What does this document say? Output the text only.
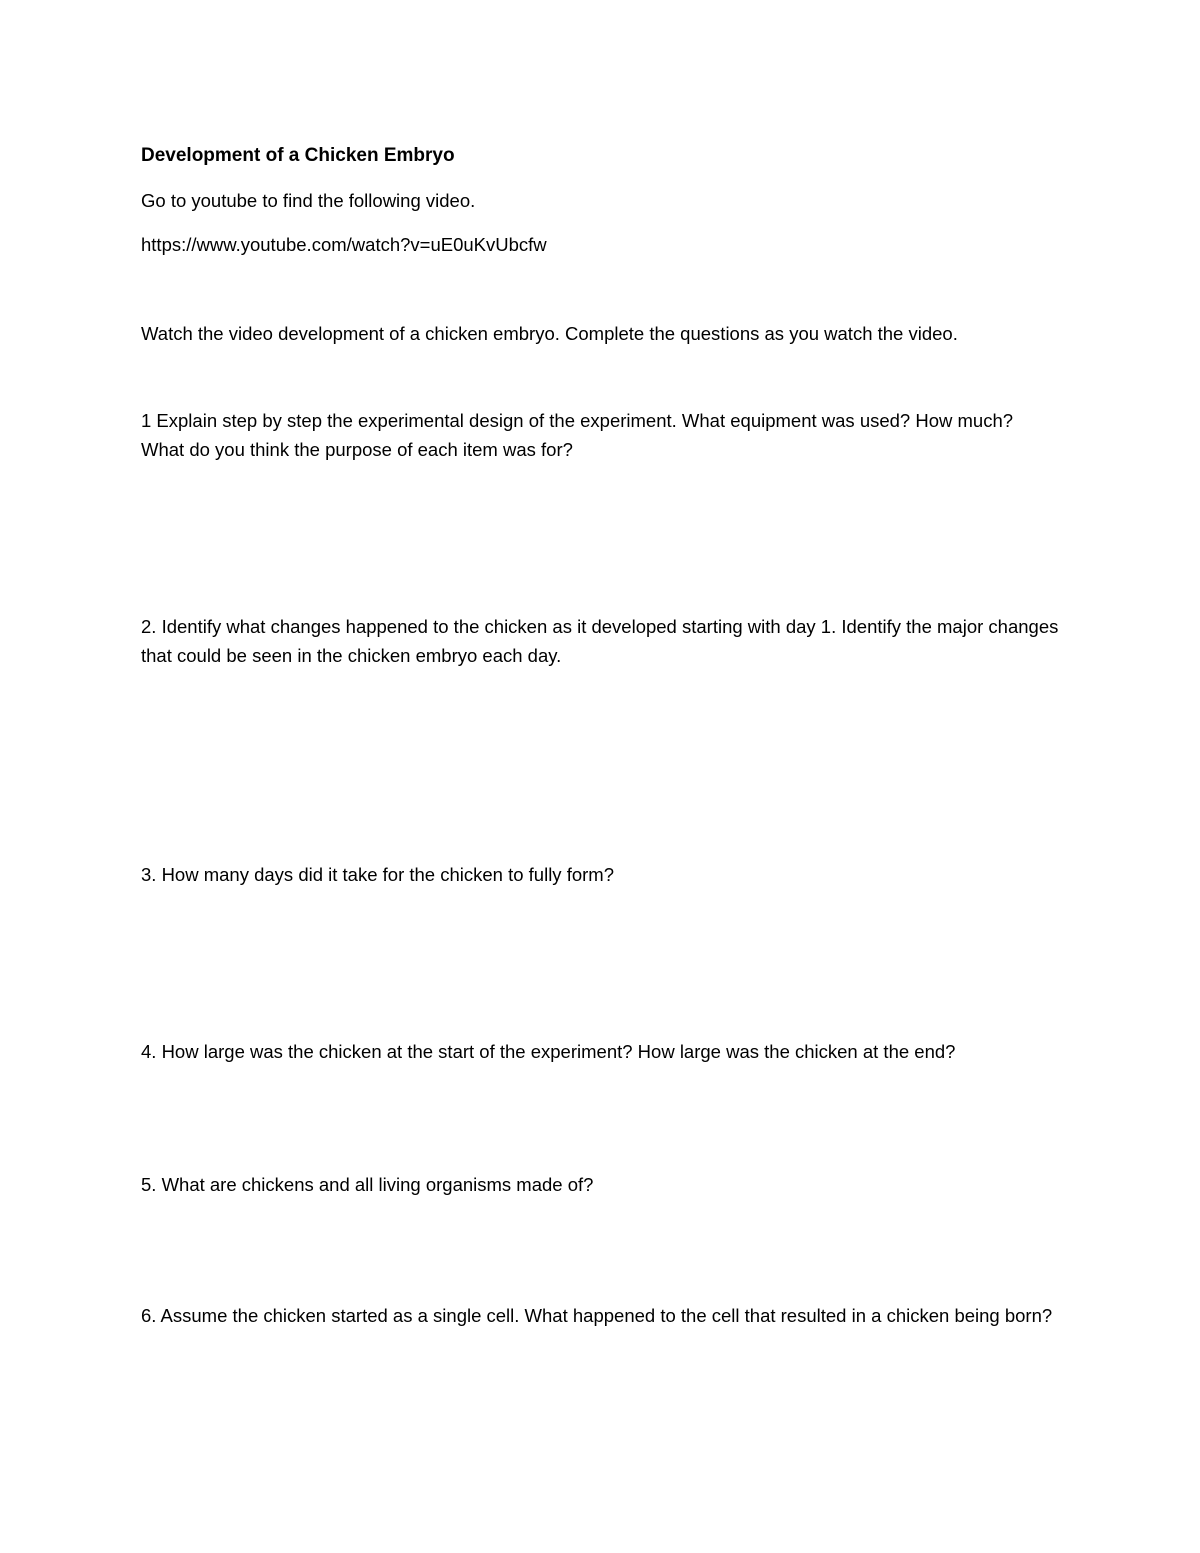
Development of a Chicken Embryo

Go to youtube to find the following video.

https://www.youtube.com/watch?v=uE0uKvUbcfw

Watch the video development of a chicken embryo. Complete the questions as you watch the video.

1 Explain step by step the experimental design of the experiment. What equipment was used? How much? What do you think the purpose of each item was for?

2. Identify what changes happened to the chicken as it developed starting with day 1. Identify the major changes that could be seen in the chicken embryo each day.

3. How many days did it take for the chicken to fully form?

4. How large was the chicken at the start of the experiment? How large was the chicken at the end?

5. What are chickens and all living organisms made of?

6. Assume the chicken started as a single cell. What happened to the cell that resulted in a chicken being born?
